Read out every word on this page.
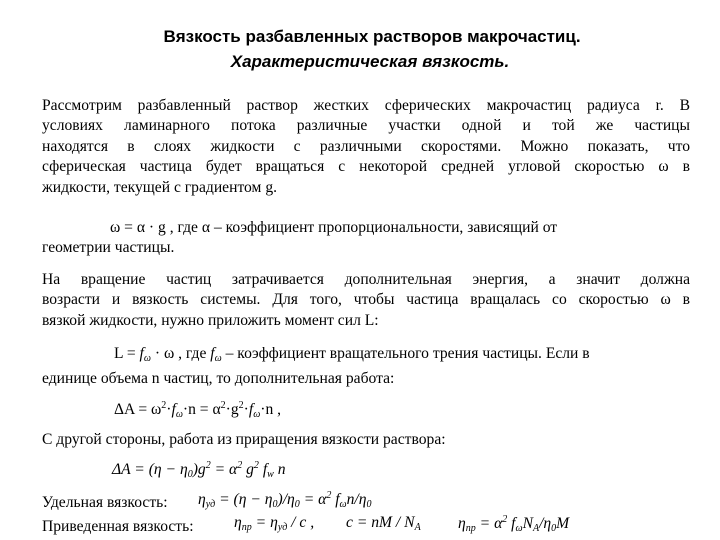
Вязкость разбавленных растворов макрочастиц.
Характеристическая вязкость.
Рассмотрим разбавленный раствор жестких сферических макрочастиц радиуса r. В
условиях ламинарного потока различные участки одной и той же частицы
находятся в слоях жидкости с различными скоростями. Можно показать, что
сферическая частица будет вращаться с некоторой средней угловой скоростью ω в
жидкости, текущей с градиентом g.
ω = α · g , где α – коэффициент пропорциональности, зависящий от
геометрии частицы.
На вращение частиц затрачивается дополнительная энергия, а значит должна
возрасти и вязкость системы. Для того, чтобы частица вращалась со скоростью ω в
вязкой жидкости, нужно приложить момент сил L:
$L = f_\omega \cdot \omega$ , где $f_\omega$ – коэффициент вращательного трения частицы. Если в
единице объема n частиц, то дополнительная работа:
$\Delta A = \omega^2\cdot f_\omega\cdot n = \alpha^2\cdot g^2\cdot f_\omega\cdot n$ ,
С другой стороны, работа из приращения вязкости раствора:
$\Delta A = (\eta - \eta_0)g^2 = \alpha^2$ $g^2$ $f_w$ n
Удельная вязкость: $\eta_{уд} = (\eta - \eta_0)/\eta_0 = \alpha^2$ $f_\omega n/\eta_0$
Приведенная вязкость:	$\eta_{пр} = \eta_{уд} / c$ , c = nM / $N_A$ $\eta_{пр} = \alpha^2$ $f_\omega N_A/\eta_0M$
